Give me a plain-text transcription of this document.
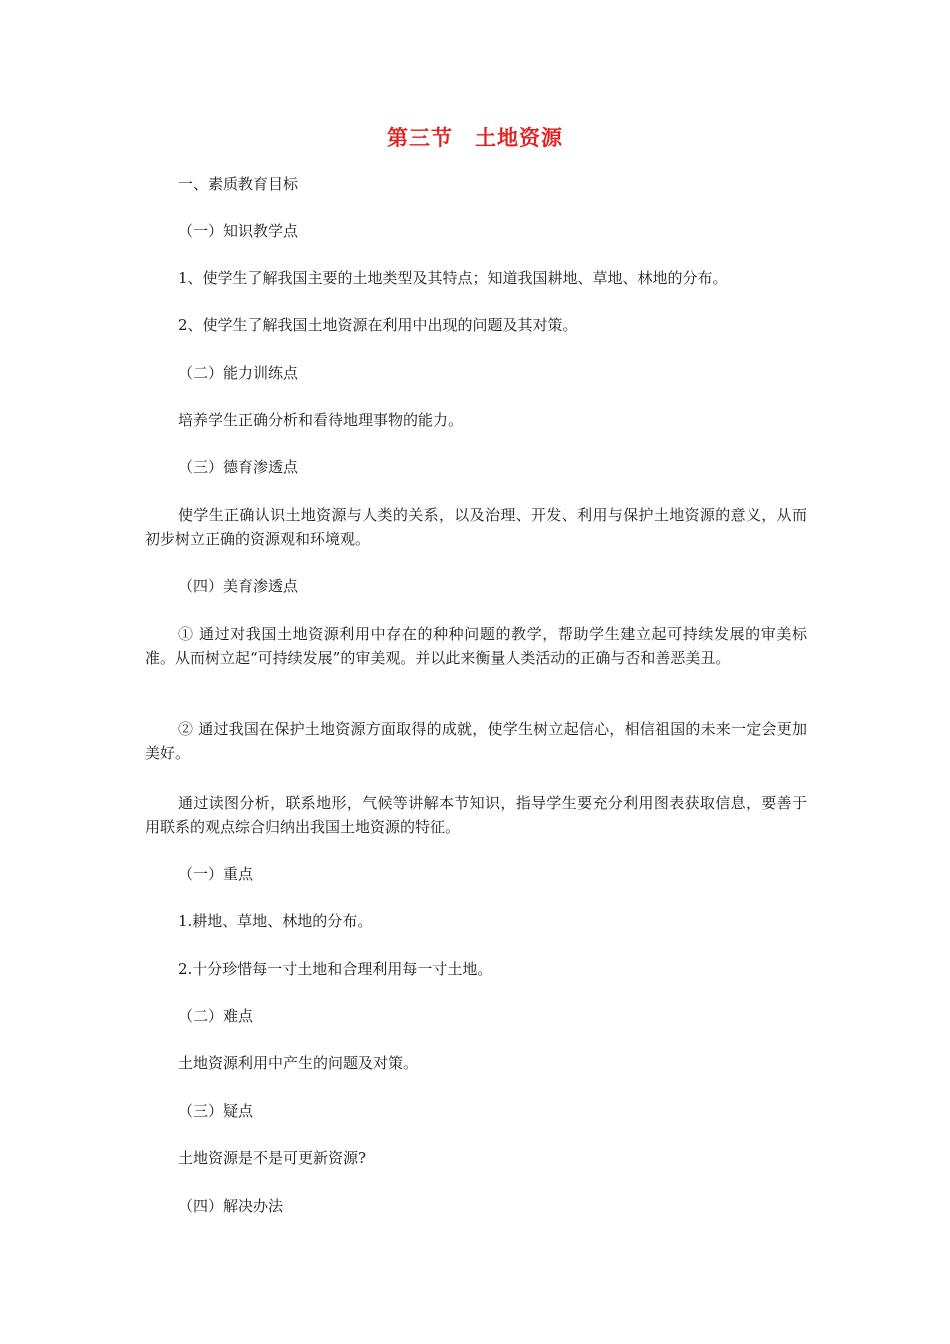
第三节　土地资源

一、素质教育目标

（一）知识教学点

1、使学生了解我国主要的土地类型及其特点；知道我国耕地、草地、林地的分布。

2、使学生了解我国土地资源在利用中出现的问题及其对策。

（二）能力训练点

培养学生正确分析和看待地理事物的能力。

（三）德育渗透点

使学生正确认识土地资源与人类的关系，以及治理、开发、利用与保护土地资源的意义，从而初步树立正确的资源观和环境观。

（四）美育渗透点

① 通过对我国土地资源利用中存在的种种问题的教学，帮助学生建立起可持续发展的审美标准。从而树立起“可持续发展”的审美观。并以此来衡量人类活动的正确与否和善恶美丑。

② 通过我国在保护土地资源方面取得的成就，使学生树立起信心，相信祖国的未来一定会更加美好。

通过读图分析，联系地形，气候等讲解本节知识，指导学生要充分利用图表获取信息，要善于用联系的观点综合归纳出我国土地资源的特征。

（一）重点

1.耕地、草地、林地的分布。

2.十分珍惜每一寸土地和合理利用每一寸土地。

（二）难点

土地资源利用中产生的问题及对策。

（三）疑点

土地资源是不是可更新资源?

（四）解决办法
